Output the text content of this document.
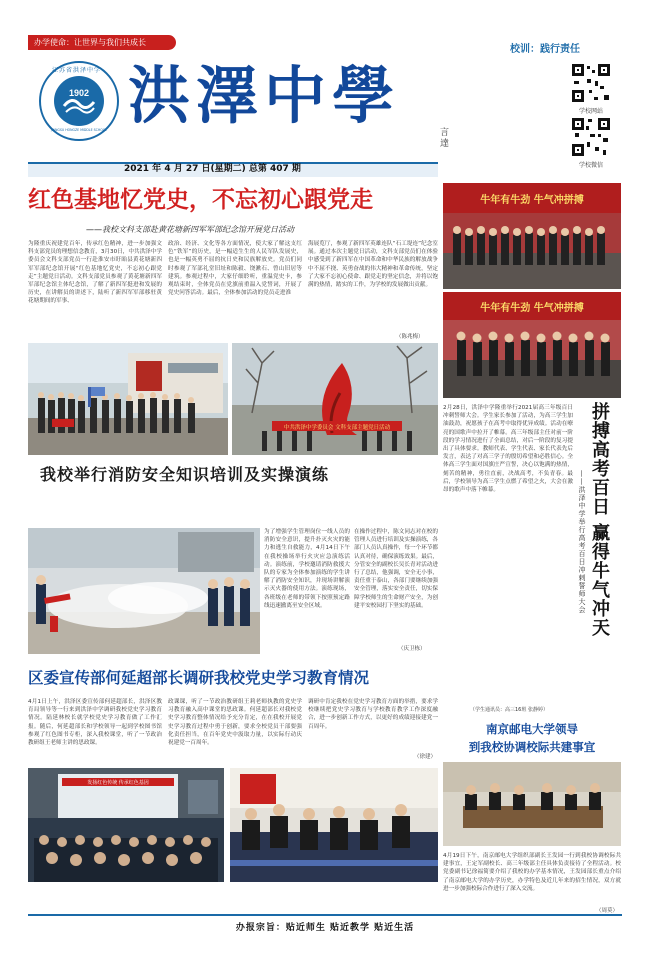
办学使命：让世界与我们共成长
校训：践行责任
1902
江苏省洪泽中学
JIANGSU HONGZE MIDDLE SCHOOL 洪澤中學
言達
学校网站
学校微信
2021 年 4 月 27 日(星期二) 总第 407 期
红色基地忆党史，不忘初心跟党走
——我校文科支部赴黄花塘新四军军部纪念馆开展党日活动
为隆重庆祝建党百年，传承红色精神，进一步加强文科支部党员的理想信念教育，3月30日，中共洪泽中学委员会文科支部党员一行赴淮安市盱眙县黄花塘新四军军部纪念馆开展“红色基地忆党史，不忘初心跟党走”主题党日活动。文科支部党员参观了黄花塘新四军军部纪念馆主体纪念馆，了解了新四军挺进和发展的历史，在讲解员的讲述下，陆听了新四军军部移驻黄花塘期间的军事、
政治、经济、文化等各方面情况，使大家了解这支红色“铁军”的历史，是一幅适生生的人民军队发展史，也是一幅英勇不屈的抗日史和民族解放史。党员们同时参观了军部礼堂旧址和陈毅、饶漱石、曾山旧居等建筑。参观过程中，大家仔细聆听，重温党史卡，参观结束时，全体党员在党旗前重温入党誓词，开展了党史问答活动。最后，全体参加活动的党员走进淮
海展览厅，参观了新四军英雄连队“石工堤连”纪念室展。通过本次主题党日活动，文科支部党员们在体验中感受到了新四军在中国革命和中华民族的解放战争中不屈不挠、英勇奋战的伟大精神和革命传统，坚定了大家不忘初心使命、跟党走的坚定信念，并将以饱满的热情，踏实的工作，为学校的发展做出贡献。
（陈兆梅）
中共洪泽中学委员会 文科支部主题党日活动
我校举行消防安全知识培训及实操演练
为了增强学生管理岗位一线人员的消防安全意识，提升扑灭火灾的能力和逃生自救能力，4月14日下午在我校操场举行火灾应急演练活动。演练前，学校邀请消防救援大队的专家为全体参加演练的学生讲解了消防安全知识，并现场讲解演示灭火器的使用方法。演练现场，各班级在老师的带领下按照预定路线迅速撤离至安全区域。
在操作过程中，陈文同志对在校的管理人员进行培训及实操演练，各部门人员认真操作，每一个环节都认真对待，确保演练效果。最后，分管安全的副校长吴长青对活动进行了总结，他强调，安全无小事，责任重于泰山，各部门要继续加强安全管理，落实安全责任，切实保障学校师生的生命财产安全，为创建平安校园打下坚实的基础。
（庆卫栋）
区委宣传部何延超部长调研我校党史学习教育情况
4月1日上午，洪泽区委宣传部何延超部长，洪泽区教育局领导等一行来到洪泽中学调研我校党史学习教育情况。陆延林校长就学校党史学习教育做了工作汇报。随后，何延超部长和学校领导一起到学校图书馆参观了红色图书专柜，深入我校课堂，听了一节政治教研组王老师主讲的思政课。
政课课，听了一节政治教研组王莉老师执教的党史学习教育融入高中课堂的思政课。何延超部长对我校党史学习教育整体情况给予充分肯定，在在我校开展党史学习教育过程中勇于创新，要求全校党员干部要强化责任担当，在百年党史中汲取力量，以实际行动庆祝建党一百周年。
调研中肯定我校在党史学习教育方面的举措，要求学校继续把党史学习教育与学校教育教学工作深度融合，进一步创新工作方式，以更好的成绩迎接建党一百周年。
（徐建）
发扬红色传统 传承红色基因
牛年有牛劲 牛气冲拼搏
牛年有牛劲 牛气冲拼搏
2月28日，洪泽中学隆重举行2021届高三年级百日冲刺誓师大会。学生家长参加了活动，为高三学生加油鼓劲，祝愿孩子在高考中取得优异成绩。活动在嘹亮的国歌声中拉开了帷幕。高三年级部主任对前一阶段的学习情况进行了全面总结，对后一阶段的复习提出了具体要求。教师代表、学生代表、家长代表先后发言，表达了对高三学子的殷切希望和必胜信心。全体高三学生面对国旗庄严宣誓，决心以饱满的热情，刻苦的精神，勇往直前，决战高考，不负青春。最后，学校领导为高三学生点燃了希望之火，大会在激昂的歌声中落下帷幕。
（学生通讯员：高三16班 张静婷）
拼搏高考百日 赢得牛气冲天
——洪泽中学举行高考百日冲刺誓师大会
南京邮电大学领导
到我校协调校际共建事宜
4月19日下午，南京邮电大学组织部副长王发园一行到我校协调校际共建事宜，王定军副校长、高三年级部主任具体负责接待了全程活动。校党委副书记徐福简要介绍了我校的办学基本情况，王发园部长重点介绍了南京邮电大学的办学历史，办学特色及近几年来的招生情况，双方就进一步加强校际合作进行了深入交流。
（周莫）
办报宗旨：贴近师生 贴近教学 贴近生活
